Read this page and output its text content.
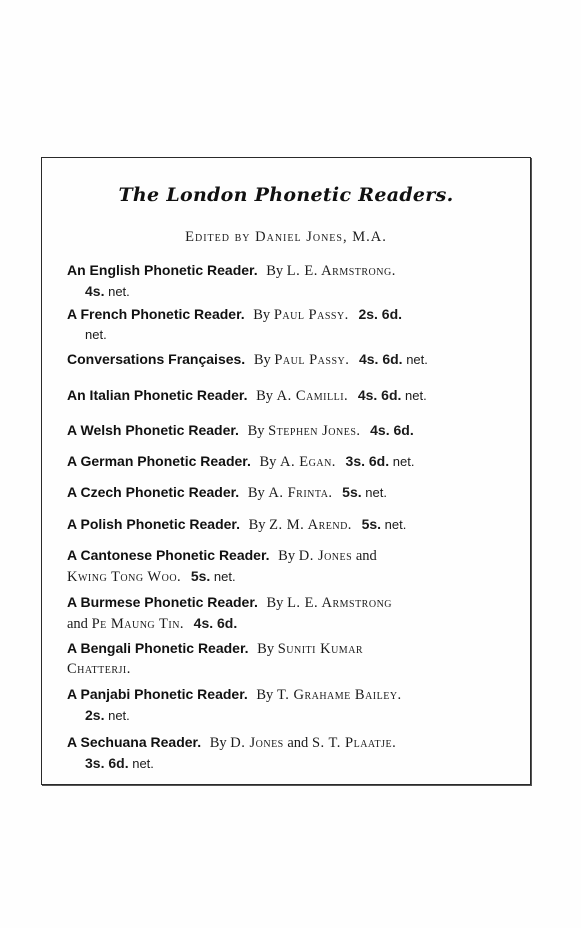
The London Phonetic Readers.
Edited by Daniel Jones, M.A.
An English Phonetic Reader. By L. E. Armstrong.
4s. net.
A French Phonetic Reader. By Paul Passy. 2s. 6d.
net.
Conversations Françaises. By Paul Passy. 4s. 6d. net.
An Italian Phonetic Reader. By A. Camilli. 4s. 6d. net.
A Welsh Phonetic Reader. By Stephen Jones. 4s. 6d.
A German Phonetic Reader. By A. Egan. 3s. 6d. net.
A Czech Phonetic Reader. By A. Frinta. 5s. net.
A Polish Phonetic Reader. By Z. M. Arend. 5s. net.
A Cantonese Phonetic Reader. By D. Jones and
Kwing Tong Woo. 5s. net.
A Burmese Phonetic Reader. By L. E. Armstrong
and Pe Maung Tin. 4s. 6d.
A Bengali Phonetic Reader. By Suniti Kumar
Chatterji.
A Panjabi Phonetic Reader. By T. Grahame Bailey.
2s. net.
A Sechuana Reader. By D. Jones and S. T. Plaatje.
3s. 6d. net.
